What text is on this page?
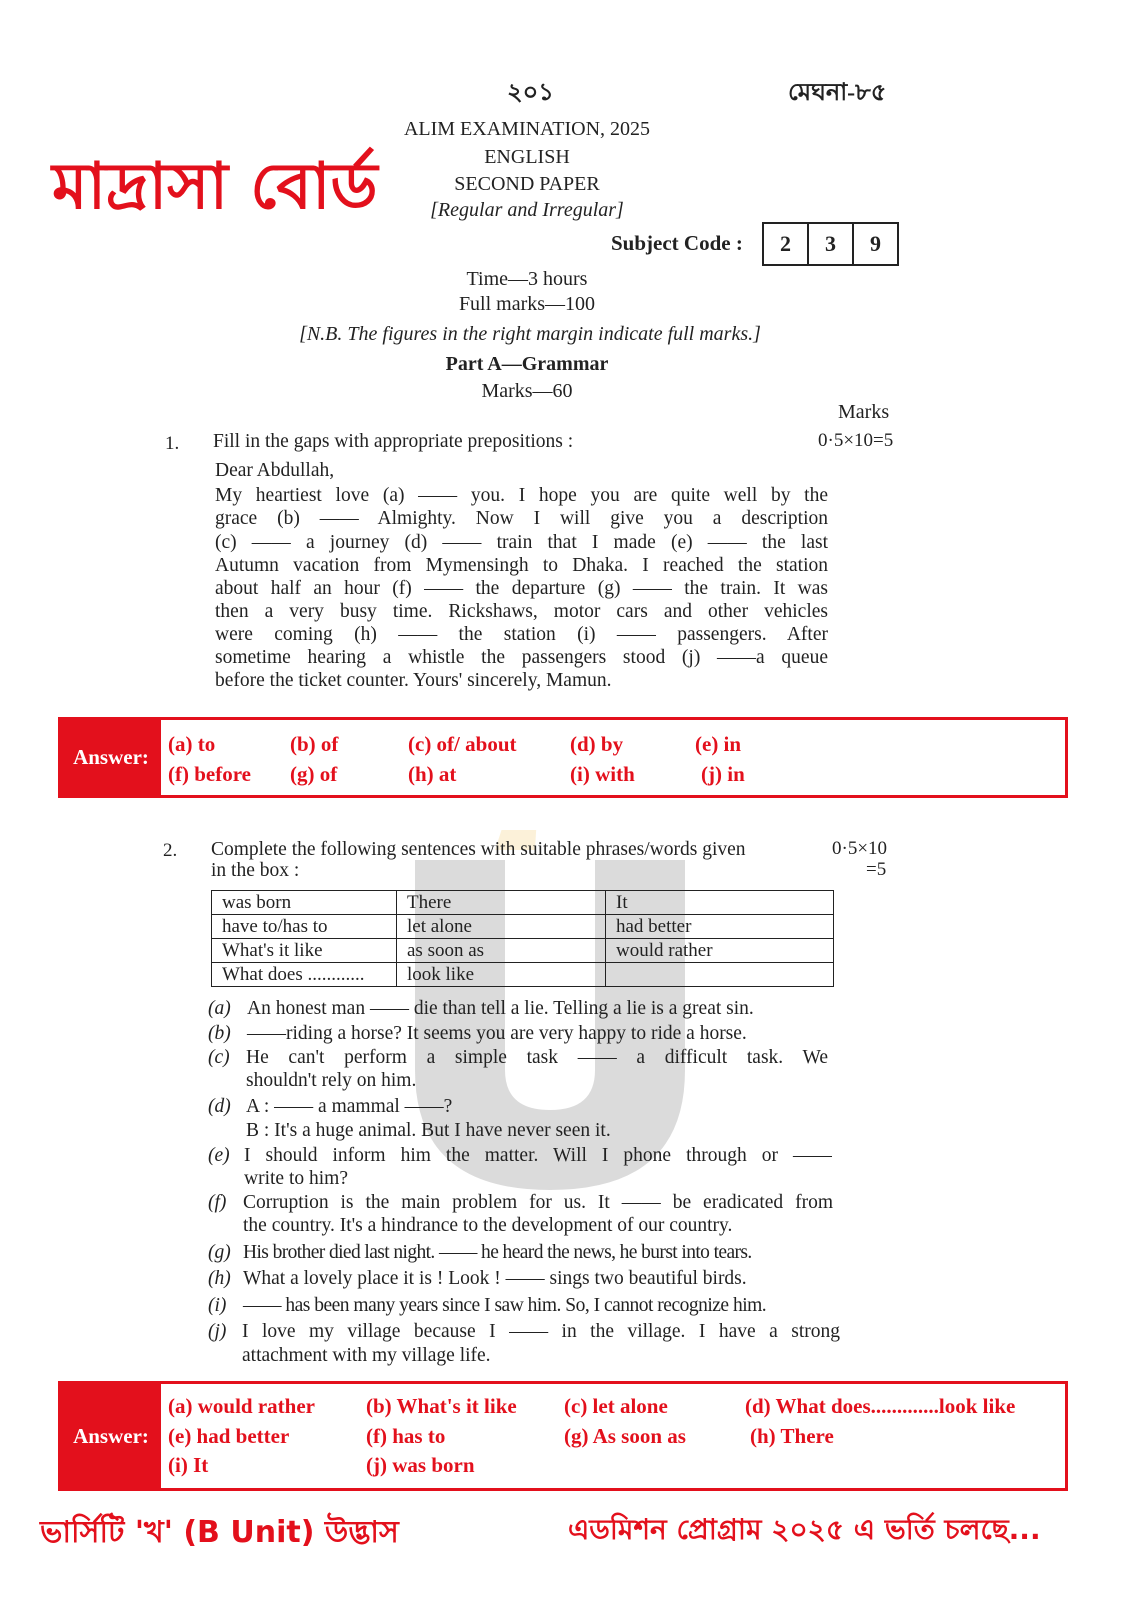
২০১	মেঘনা-৮৫
মাদ্রাসা বোর্ড
ALIM EXAMINATION, 2025
ENGLISH
SECOND PAPER
[Regular and Irregular]
Subject Code :	2	3	9
Time—3 hours
Full marks—100
[N.B. The figures in the right margin indicate full marks.]
Part A—Grammar
Marks—60
Marks
1. Fill in the gaps with appropriate prepositions :	0·5×10=5
Dear Abdullah,
My heartiest love (a) —— you. I hope you are quite well by the
grace (b) —— Almighty. Now I will give you a description
(c) —— a journey (d) —— train that I made (e) —— the last
Autumn vacation from Mymensingh to Dhaka. I reached the station
about half an hour (f) —— the departure (g) —— the train. It was
then a very busy time. Rickshaws, motor cars and other vehicles
were coming (h) —— the station (i) —— passengers. After
sometime hearing a whistle the passengers stood (j) ——a queue
before the ticket counter. Yours' sincerely, Mamun.
Answer:
(a) to	(b) of	(c) of/ about	(d) by	(e) in
(f) before (g) of	(h) at	(i) with	(j) in
2. Complete the following sentences with suitable phrases/words given
in the box :
0·5×10
=5
was born	There	It
have to/has to	let alone	had better
What's it like	as soon as	would rather
What does ............	look like	
(a) An honest man —— die than tell a lie. Telling a lie is a great sin.
(b) ——riding a horse? It seems you are very happy to ride a horse.
(c) He can't perform a simple task —— a difficult task. We
shouldn't rely on him.
(d) A : —— a mammal ——?
B : It's a huge animal. But I have never seen it.
(e) I should inform him the matter. Will I phone through or ——
write to him?
(f) Corruption is the main problem for us. It —— be eradicated from
the country. It's a hindrance to the development of our country.
(g) His brother died last night. —— he heard the news, he burst into tears.
(h) What a lovely place it is ! Look ! —— sings two beautiful birds.
(i) —— has been many years since I saw him. So, I cannot recognize him.
(j) I love my village because I —— in the village. I have a strong
attachment with my village life.
Answer:
(a) would rather (b) What's it like (c) let alone	(d) What does.............look like
(e) had better	(f) has to	(g) As soon as	(h) There
(i) It	(j) was born
ভার্সিটি 'খ' (B Unit) উদ্ভাস	এডমিশন প্রোগ্রাম ২০২৫ এ ভর্তি চলছে...
